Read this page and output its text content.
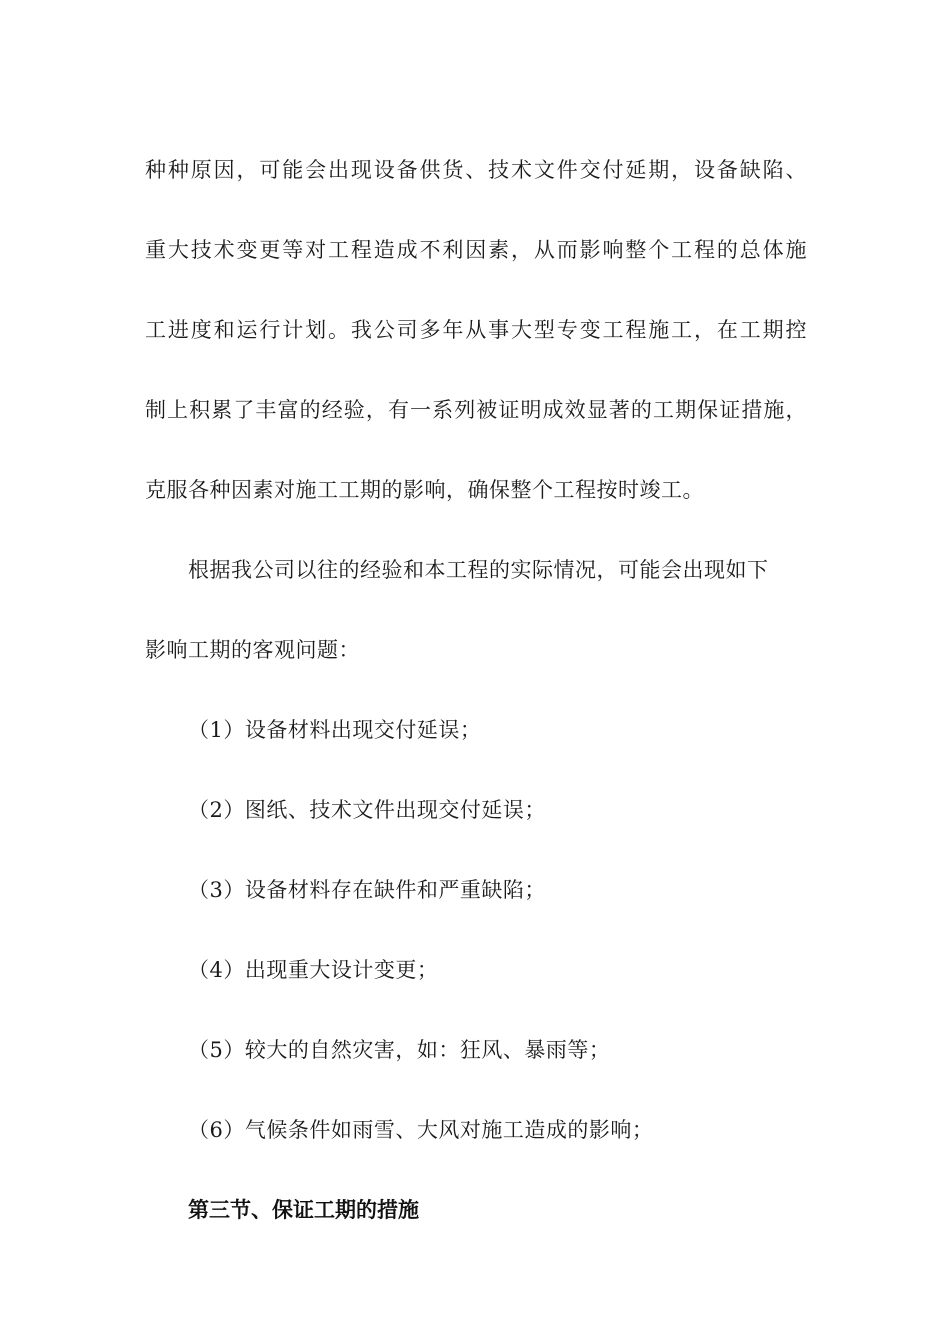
种种原因，可能会出现设备供货、技术文件交付延期，设备缺陷、
重大技术变更等对工程造成不利因素，从而影响整个工程的总体施
工进度和运行计划。我公司多年从事大型专变工程施工，在工期控
制上积累了丰富的经验，有一系列被证明成效显著的工期保证措施，
克服各种因素对施工工期的影响，确保整个工程按时竣工。
根据我公司以往的经验和本工程的实际情况，可能会出现如下
影响工期的客观问题：
（1）设备材料出现交付延误；
（2）图纸、技术文件出现交付延误；
（3）设备材料存在缺件和严重缺陷；
（4）出现重大设计变更；
（5）较大的自然灾害，如：狂风、暴雨等；
（6）气候条件如雨雪、大风对施工造成的影响；
第三节、保证工期的措施
